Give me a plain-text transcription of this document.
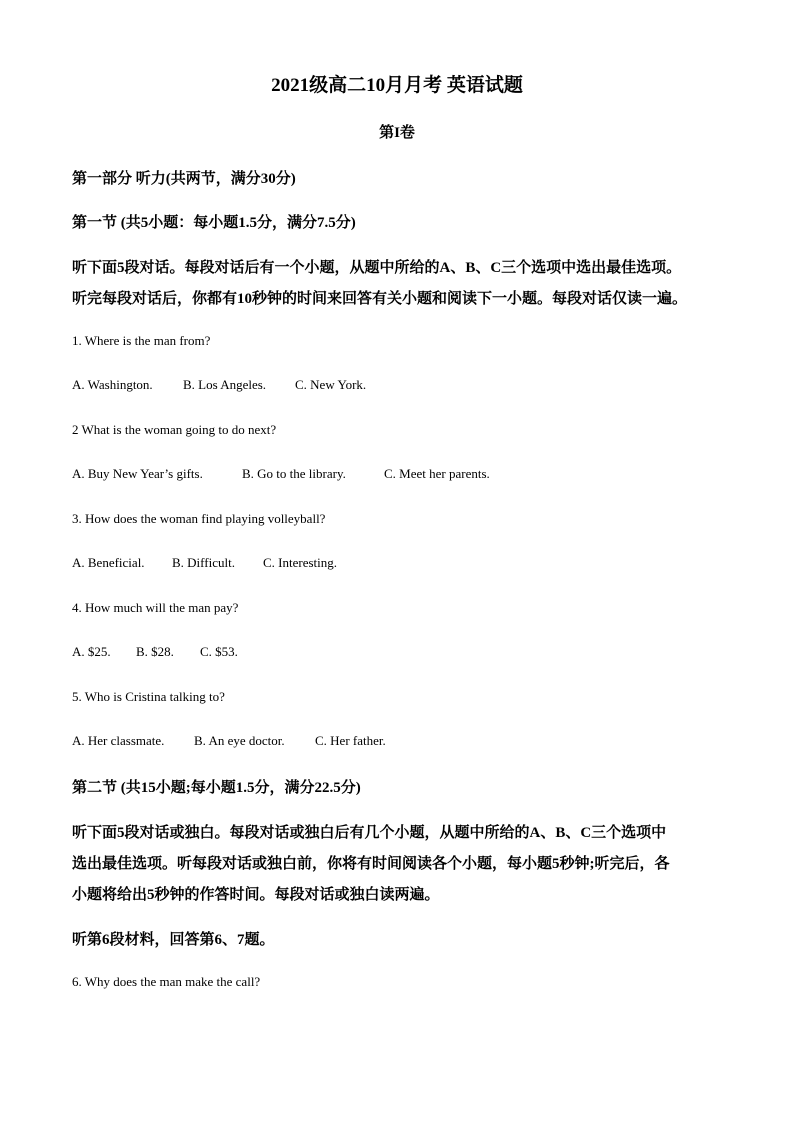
2021级高二10月月考 英语试题

第I卷

第一部分 听力(共两节，满分30分)

第一节 (共5小题：每小题1.5分，满分7.5分)

听下面5段对话。每段对话后有一个小题，从题中所给的A、B、C三个选项中选出最佳选项。

听完每段对话后，你都有10秒钟的时间来回答有关小题和阅读下一小题。每段对话仅读一遍。

1. Where is the man from?

A. Washington. B. Los Angeles. C. New York.

2 What is the woman going to do next?

A. Buy New Year’s gifts.	B. Go to the library.	C. Meet her parents.

3. How does the woman find playing volleyball?

A. Beneficial. B. Difficult. C. Interesting.

4. How much will the man pay?

A. $25. B. $28. C. $53.

5. Who is Cristina talking to?

A. Her classmate. B. An eye doctor. C. Her father.

第二节 (共15小题;每小题1.5分，满分22.5分)

听下面5段对话或独白。每段对话或独白后有几个小题，从题中所给的A、B、C三个选项中

选出最佳选项。听每段对话或独白前，你将有时间阅读各个小题，每小题5秒钟;听完后，各

小题将给出5秒钟的作答时间。每段对话或独白读两遍。

听第6段材料，回答第6、7题。

6. Why does the man make the call?
